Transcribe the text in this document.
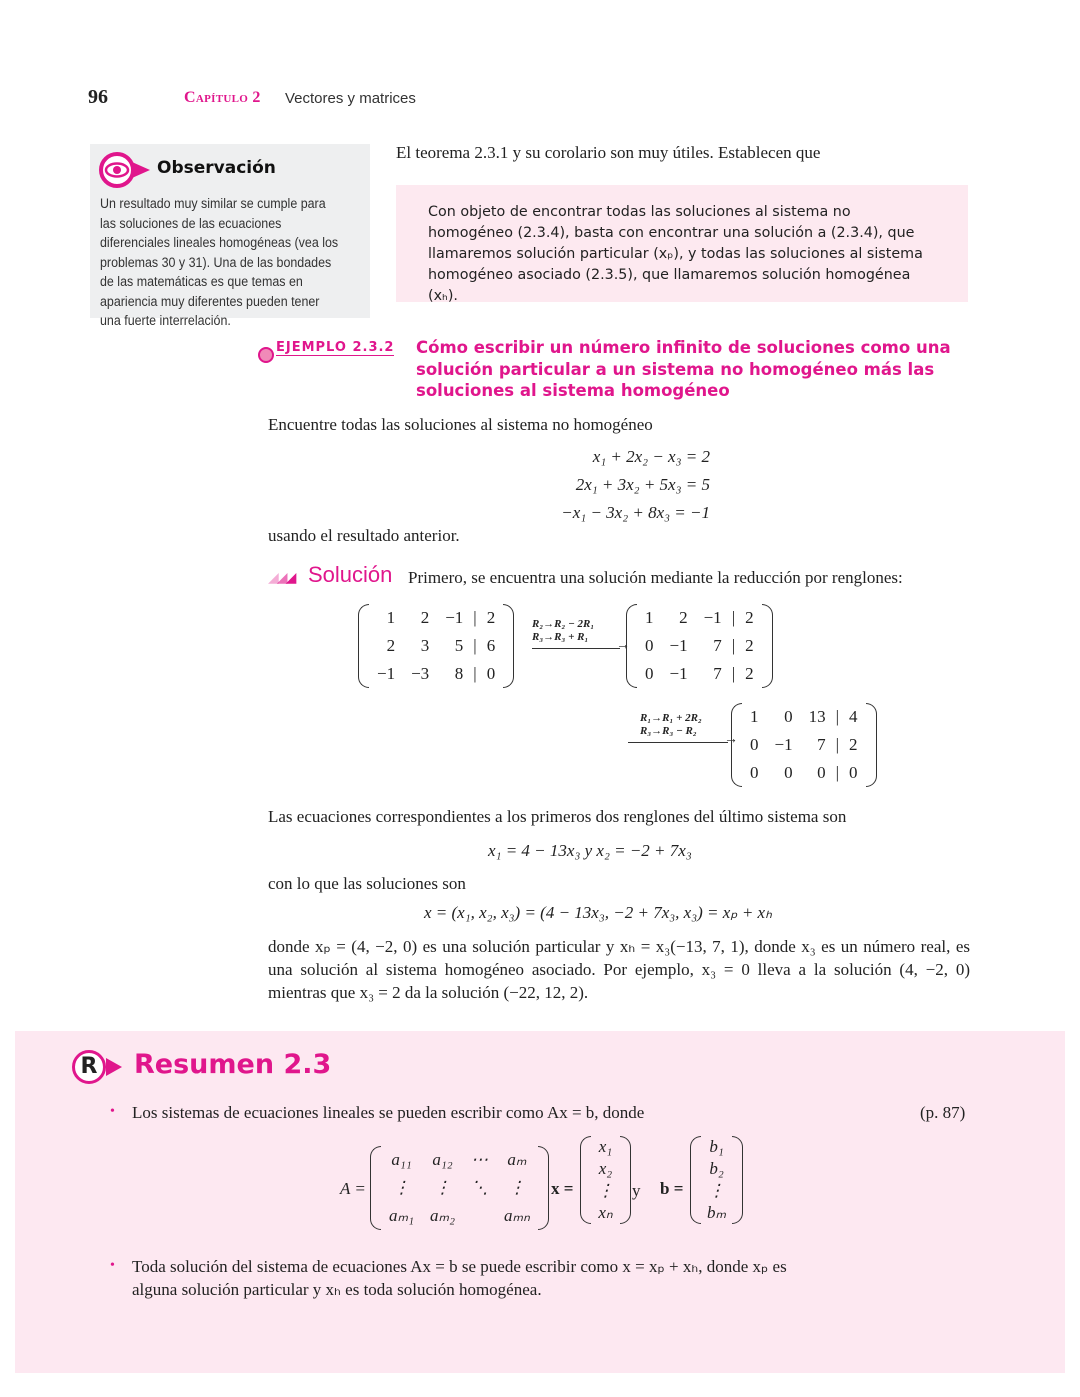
96	Capítulo 2 Vectores y matrices
Observación
Un resultado muy similar se cumple para las soluciones de las ecuaciones diferenciales lineales homogéneas (vea los problemas 30 y 31). Una de las bondades de las matemáticas es que temas en apariencia muy diferentes pueden tener una fuerte interrelación.
El teorema 2.3.1 y su corolario son muy útiles. Establecen que
Con objeto de encontrar todas las soluciones al sistema no homogéneo (2.3.4), basta con encontrar una solución a (2.3.4), que llamaremos solución particular (xₚ), y todas las soluciones al sistema homogéneo asociado (2.3.5), que llamaremos solución homogénea (xₕ).
EJEMPLO 2.3.2 Cómo escribir un número infinito de soluciones como una solución particular a un sistema no homogéneo más las soluciones al sistema homogéneo
Encuentre todas las soluciones al sistema no homogéneo
x₁ + 2x₂ − x₃ = 2
2x₁ + 3x₂ + 5x₃ = 5
−x₁ − 3x₂ + 8x₃ = −1
usando el resultado anterior.
◢◢◢ Solución Primero, se encuentra una solución mediante la reducción por renglones:
1	2	−1	|	2
2	3	5	|	6
−1	−3	8	|	0
R₂→R₂ − 2R₁
R₃→R₃ + R₁
→
1	2	−1	|	2
0	−1	7	|	2
0	−1	7	|	2
R₁→R₁ + 2R₂
R₃→R₃ − R₂
→
1	0	13	|	4
0	−1	7	|	2
0	0	0	|	0
Las ecuaciones correspondientes a los primeros dos renglones del último sistema son
x₁ = 4 − 13x₃ y x₂ = −2 + 7x₃
con lo que las soluciones son
x = (x₁, x₂, x₃) = (4 − 13x₃, −2 + 7x₃, x₃) = xₚ + xₕ
donde xₚ = (4, −2, 0) es una solución particular y xₕ = x₃(−13, 7, 1), donde x₃ es un número real, es una solución al sistema homogéneo asociado. Por ejemplo, x₃ = 0 lleva a la solución (4, −2, 0) mientras que x₃ = 2 da la solución (−22, 12, 2).
R	Resumen 2.3
• Los sistemas de ecuaciones lineales se pueden escribir como Ax = b, donde	(p. 87)
A =
a₁₁	a₁₂	⋯	aₘ
⋮	⋮	⋱	⋮
aₘ₁	aₘ₂		aₘₙ
x =
x₁
x₂
⋮
xₙ
y b =
b₁
b₂
⋮
bₘ
• Toda solución del sistema de ecuaciones Ax = b se puede escribir como x = xₚ + xₕ, donde xₚ es alguna solución particular y xₕ es toda solución homogénea.
